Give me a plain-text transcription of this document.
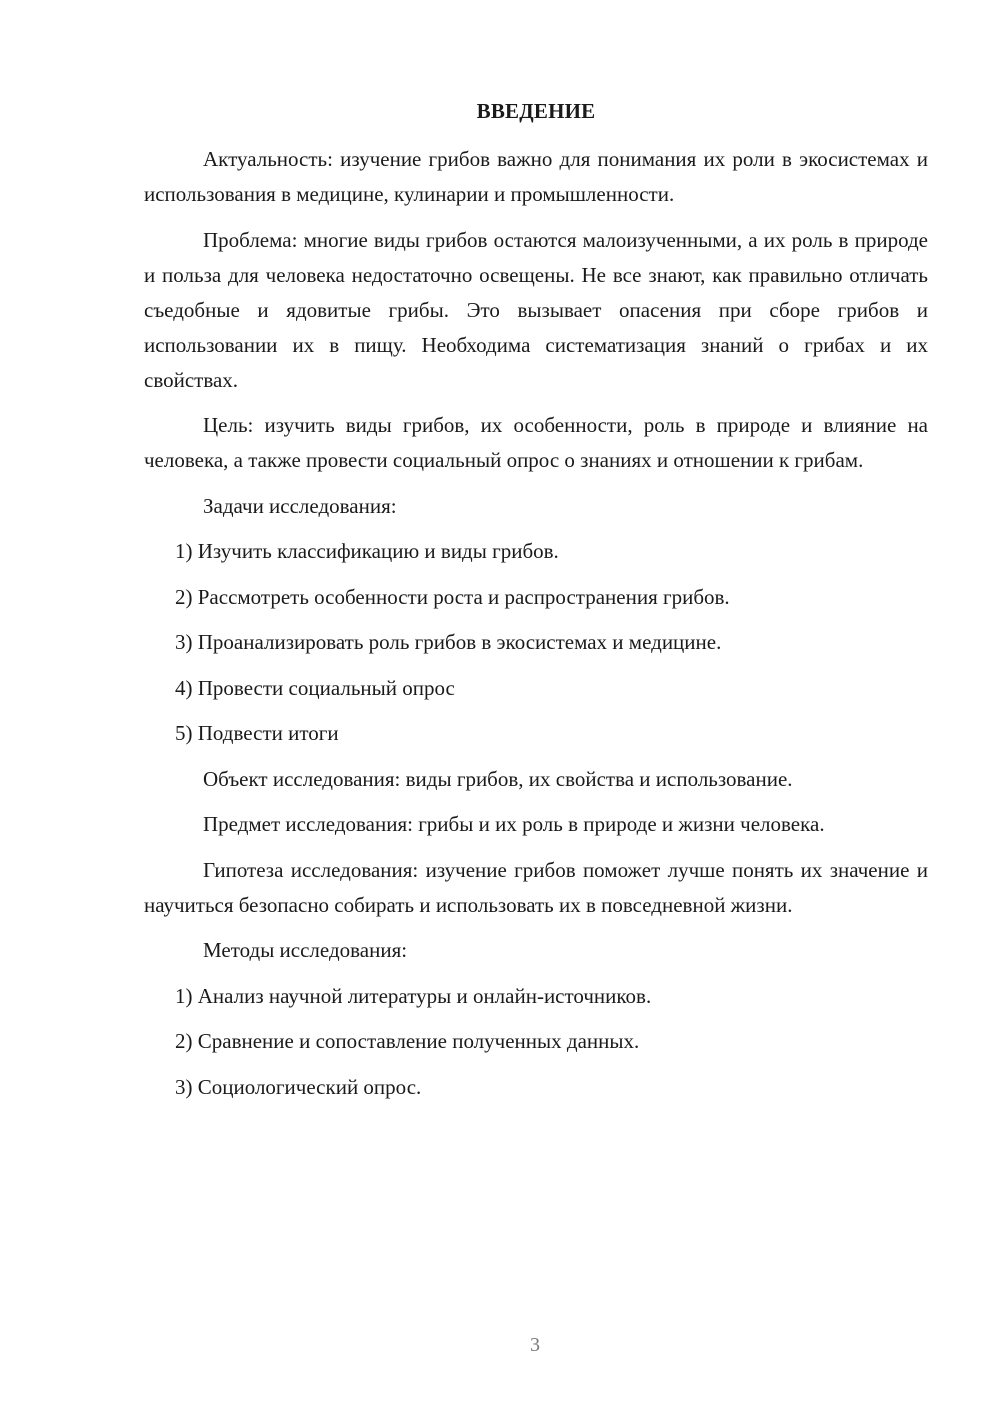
ВВЕДЕНИЕ

Актуальность: изучение грибов важно для понимания их роли в экосистемах и использования в медицине, кулинарии и промышленности.

Проблема: многие виды грибов остаются малоизученными, а их роль в природе и польза для человека недостаточно освещены. Не все знают, как правильно отличать съедобные и ядовитые грибы. Это вызывает опасения при сборе грибов и использовании их в пищу. Необходима систематизация знаний о грибах и их свойствах.

Цель: изучить виды грибов, их особенности, роль в природе и влияние на человека, а также провести социальный опрос о знаниях и отношении к грибам.

Задачи исследования:

1) Изучить классификацию и виды грибов.

2) Рассмотреть особенности роста и распространения грибов.

3) Проанализировать роль грибов в экосистемах и медицине.

4) Провести социальный опрос

5) Подвести итоги

Объект исследования: виды грибов, их свойства и использование.

Предмет исследования: грибы и их роль в природе и жизни человека.

Гипотеза исследования: изучение грибов поможет лучше понять их значение и научиться безопасно собирать и использовать их в повседневной жизни.

Методы исследования:

1) Анализ научной литературы и онлайн-источников.

2) Сравнение и сопоставление полученных данных.

3) Социологический опрос.

3
